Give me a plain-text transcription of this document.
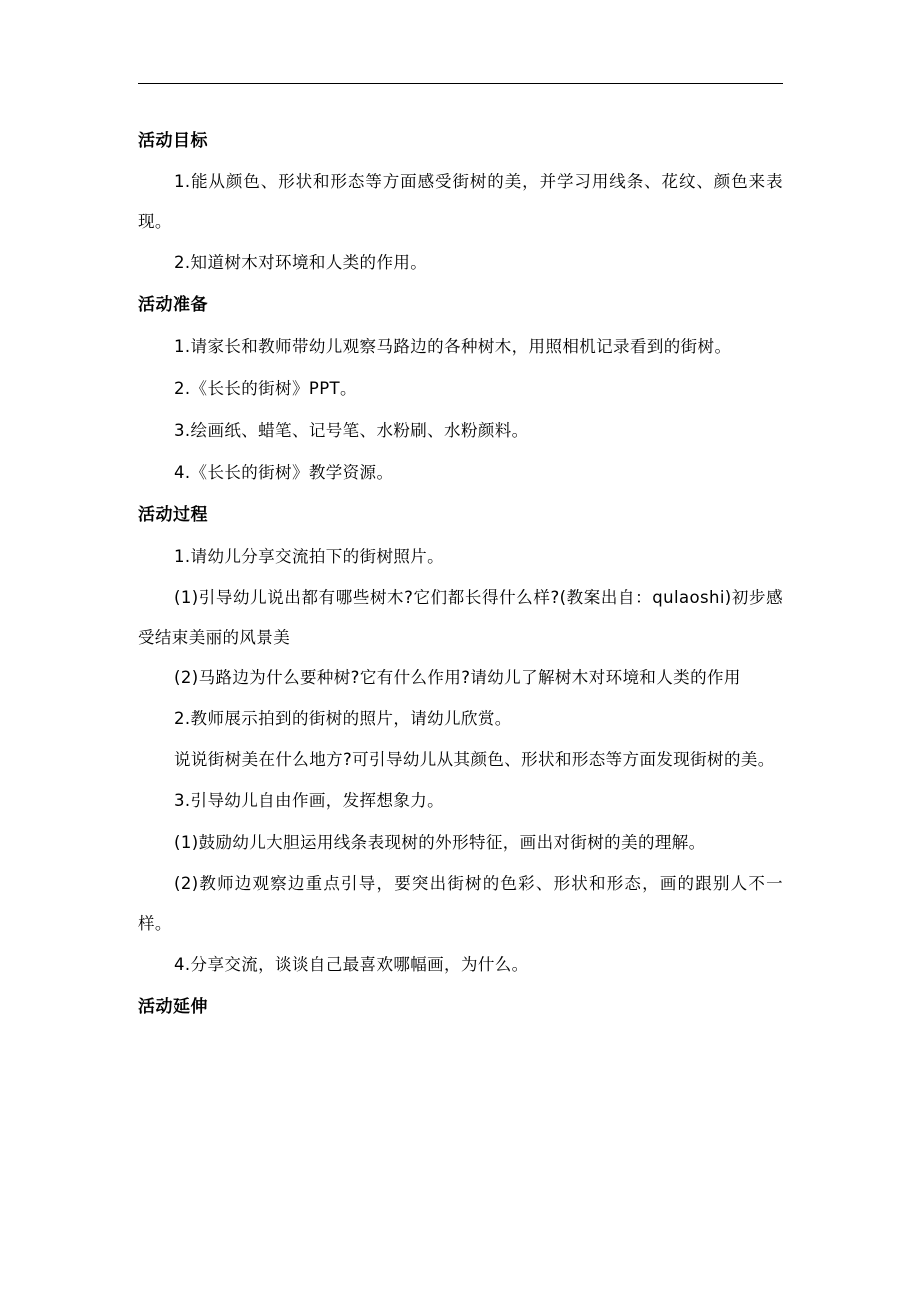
活动目标

1.能从颜色、形状和形态等方面感受街树的美，并学习用线条、花纹、颜色来表现。

2.知道树木对环境和人类的作用。

活动准备

1.请家长和教师带幼儿观察马路边的各种树木，用照相机记录看到的街树。

2.《长长的街树》PPT。

3.绘画纸、蜡笔、记号笔、水粉刷、水粉颜料。

4.《长长的街树》教学资源。

活动过程

1.请幼儿分享交流拍下的街树照片。

(1)引导幼儿说出都有哪些树木?它们都长得什么样?(教案出自：qulaoshi)初步感受结束美丽的风景美

(2)马路边为什么要种树?它有什么作用?请幼儿了解树木对环境和人类的作用

2.教师展示拍到的街树的照片，请幼儿欣赏。

说说街树美在什么地方?可引导幼儿从其颜色、形状和形态等方面发现街树的美。

3.引导幼儿自由作画，发挥想象力。

(1)鼓励幼儿大胆运用线条表现树的外形特征，画出对街树的美的理解。

(2)教师边观察边重点引导，要突出街树的色彩、形状和形态，画的跟别人不一样。

4.分享交流，谈谈自己最喜欢哪幅画，为什么。

活动延伸
